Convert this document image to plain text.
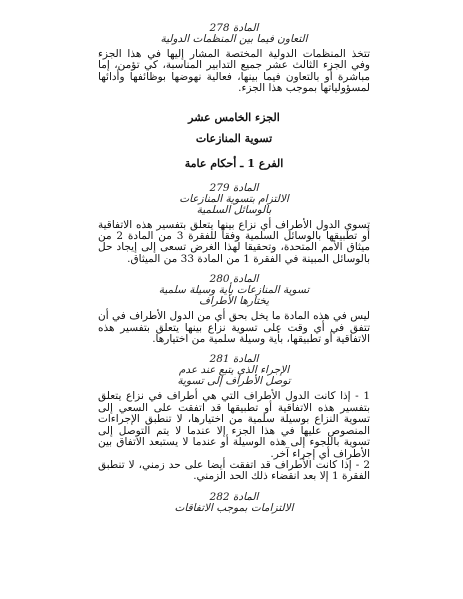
المادة 278
التعاون فيما بين المنظمات الدولية

تتخذ المنظمات الدولية المختصة المشار إليها في هذا الجزء وفي الجزء الثالث عشر جميع التدابير المناسبة، كي تؤمن، إما مباشرة أو بالتعاون فيما بينها، فعالية نهوضها بوظائفها وأدائها لمسؤولياتها بموجب هذا الجزء.

الجزء الخامس عشر
تسوية المنازعات
الفرع 1 ـ أحكام عامة
المادة 279
الالتزام بتسوية المنازعات
بالوسائل السلمية

تسوي الدول الأطراف أي نزاع بينها يتعلق بتفسير هذه الاتفاقية أو تطبيقها بالوسائل السلمية وفقاً للفقرة 3 من المادة 2 من ميثاق الأمم المتحدة، وتحقيقا لهذا الغرض تسعى إلى إيجاد حل بالوسائل المبينة في الفقرة 1 من المادة 33 من الميثاق.

المادة 280
تسوية المنازعات بأية وسيلة سلمية
يختارها الأطراف

ليس في هذه المادة ما يخل بحق أي من الدول الأطراف في أن تتفق في أي وقت على تسوية نزاع بينها يتعلق بتفسير هذه الاتفاقية أو تطبيقها، بأية وسيلة سلمية من اختيارها.

المادة 281
الإجراء الذي يتبع عند عدم
توصل الأطراف إلى تسوية

1 - إذا كانت الدول الأطراف التي هي أطراف في نزاع يتعلق بتفسير هذه الاتفاقية أو تطبيقها قد اتفقت على السعي إلى تسوية النزاع بوسيلة سلمية من اختيارها، لا تنطبق الإجراءات المنصوص عليها في هذا الجزء إلا عندما لا يتم التوصل إلى تسوية باللجوء إلى هذه الوسيلة أو عندما لا يستبعد الاتفاق بين الأطراف أي إجراء آخر.

2 - إذا كانت الأطراف قد اتفقت أيضا على حد زمني، لا تنطبق الفقرة 1 إلا بعد انقضاء ذلك الحد الزمني.

المادة 282
الالتزامات بموجب الاتفاقات
